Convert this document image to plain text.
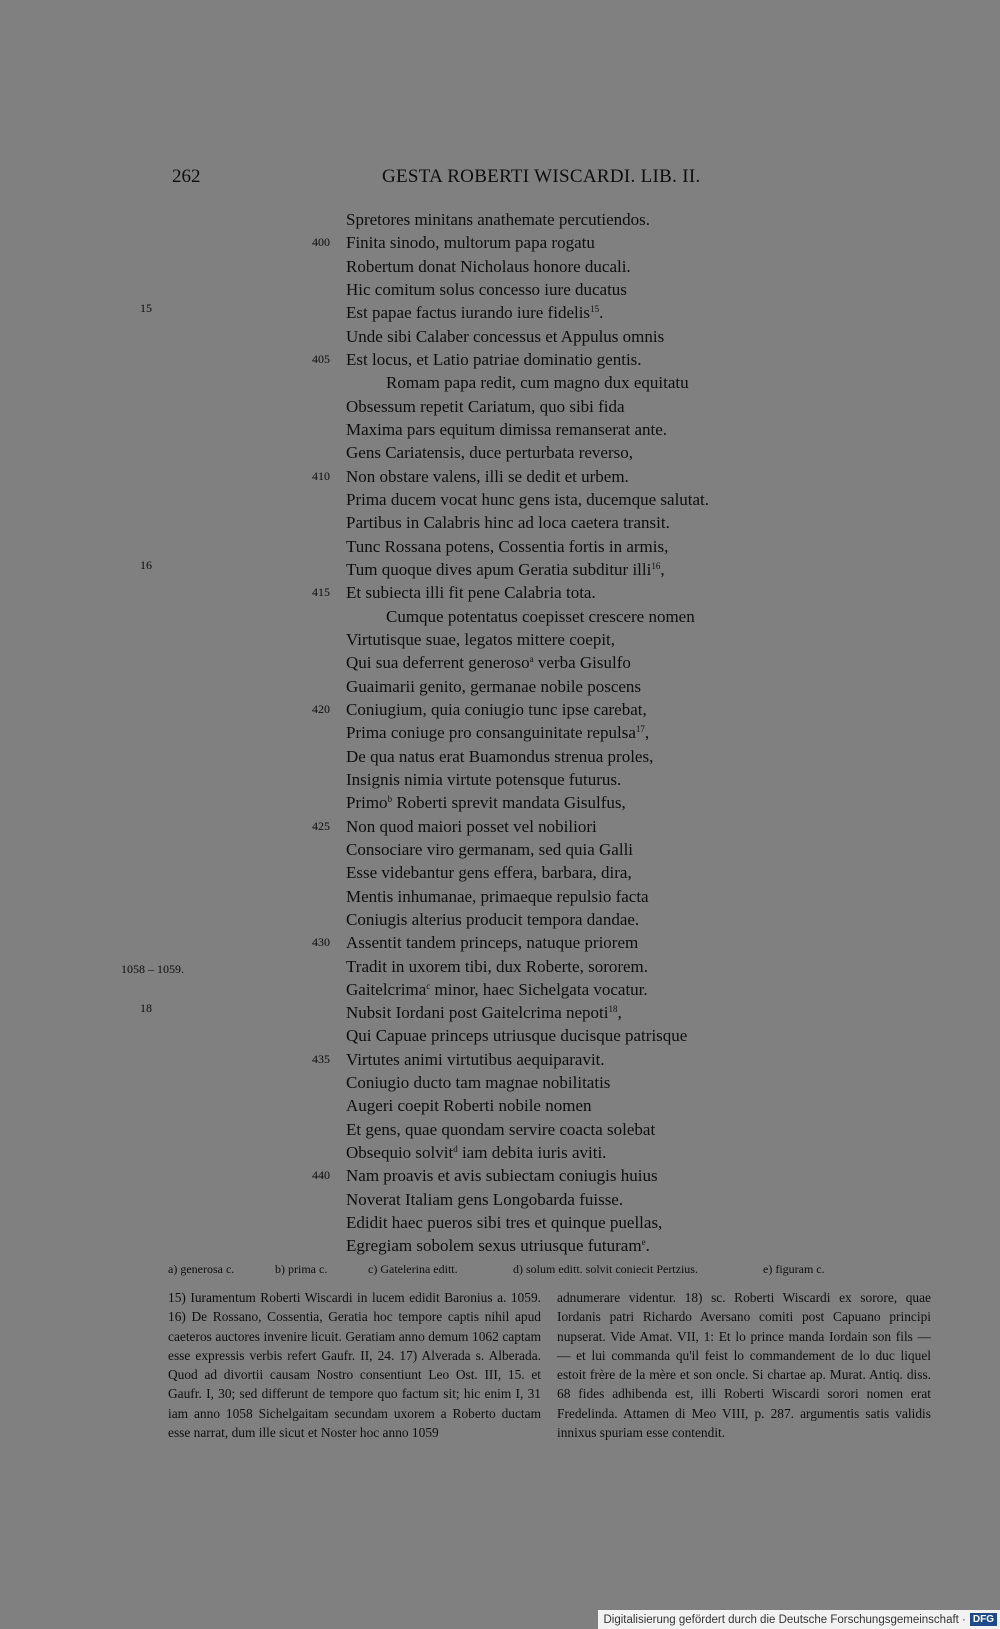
262	GESTA ROBERTI WISCARDI. LIB. II.
Spretores minitans anathemate percutiendos.
400 Finita sinodo, multorum papa rogatu
Robertum donat Nicholaus honore ducali.
Hic comitum solus concesso iure ducatus
15	Est papae factus iurando iure fidelis$^{15}$.
Unde sibi Calaber concessus et Appulus omnis
405 Est locus, et Latio patriae dominatio gentis.
Romam papa redit, cum magno dux equitatu
Obsessum repetit Cariatum, quo sibi fida
Maxima pars equitum dimissa remanserat ante.
Gens Cariatensis, duce perturbata reverso,
410 Non obstare valens, illi se dedit et urbem.
Prima ducem vocat hunc gens ista, ducemque salutat.
Partibus in Calabris hinc ad loca caetera transit.
Tunc Rossana potens, Cossentia fortis in armis,
16	Tum quoque dives apum Geratia subditur illi$^{16}$,
415 Et subiecta illi fit pene Calabria tota.
Cumque potentatus coepisset crescere nomen
Virtutisque suae, legatos mittere coepit,
Qui sua deferrent generoso$^a$ verba Gisulfo
Guaimarii genito, germanae nobile poscens
420 Coniugium, quia coniugio tunc ipse carebat,
Prima coniuge pro consanguinitate repulsa$^{17}$,
De qua natus erat Buamondus strenua proles,
Insignis nimia virtute potensque futurus.
Primo$^b$ Roberti sprevit mandata Gisulfus,
425 Non quod maiori posset vel nobiliori
Consociare viro germanam, sed quia Galli
Esse videbantur gens effera, barbara, dira,
Mentis inhumanae, primaeque repulsio facta
Coniugis alterius producit tempora dandae.
430 Assentit tandem princeps, natuque priorem
1058 – 1059.	Tradit in uxorem tibi, dux Roberte, sororem.
Gaitelcrima$^c$ minor, haec Sichelgata vocatur.
18	Nubsit Iordani post Gaitelcrima nepoti$^{18}$,
Qui Capuae princeps utriusque ducisque patrisque
435 Virtutes animi virtutibus aequiparavit.
Coniugio ducto tam magnae nobilitatis
Augeri coepit Roberti nobile nomen
Et gens, quae quondam servire coacta solebat
Obsequio solvit$^d$ iam debita iuris aviti.
440 Nam proavis et avis subiectam coniugis huius
Noverat Italiam gens Longobarda fuisse.
Edidit haec pueros sibi tres et quinque puellas,
Egregiam sobolem sexus utriusque futuram$^e$.
a) generosa c.	b) prima c.	c) Gatelerina editt.	d) solum editt. solvit coniecit Pertzius.	e) figuram c.
15) Iuramentum Roberti Wiscardi in lucem edidit Baronius a. 1059. 16) De Rossano, Cossentia, Geratia hoc tempore captis nihil apud caeteros auctores invenire licuit. Geratiam anno demum 1062 captam esse expressis verbis refert Gaufr. II, 24. 17) Alverada s. Alberada. Quod ad divortii causam Nostro consentiunt Leo Ost. III, 15. et Gaufr. I, 30; sed differunt de tempore quo factum sit; hic enim I, 31 iam anno 1058 Sichelgaitam secundam uxorem a Roberto ductam esse narrat, dum ille sicut et Noster hoc anno 1059
adnumerare videntur. 18) sc. Roberti Wiscardi ex sorore, quae Iordanis patri Richardo Aversano comiti post Capuano principi nupserat. Vide Amat. VII, 1: Et lo prince manda Iordain son fils — — et lui commanda qu'il feist lo commandement de lo duc liquel estoit frère de la mère et son oncle. Si chartae ap. Murat. Antiq. diss. 68 fides adhibenda est, illi Roberti Wiscardi sorori nomen erat Fredelinda. Attamen di Meo VIII, p. 287. argumentis satis validis innixus spuriam esse contendit.
Digitalisierung gefördert durch die Deutsche Forschungsgemeinschaft · DFG
